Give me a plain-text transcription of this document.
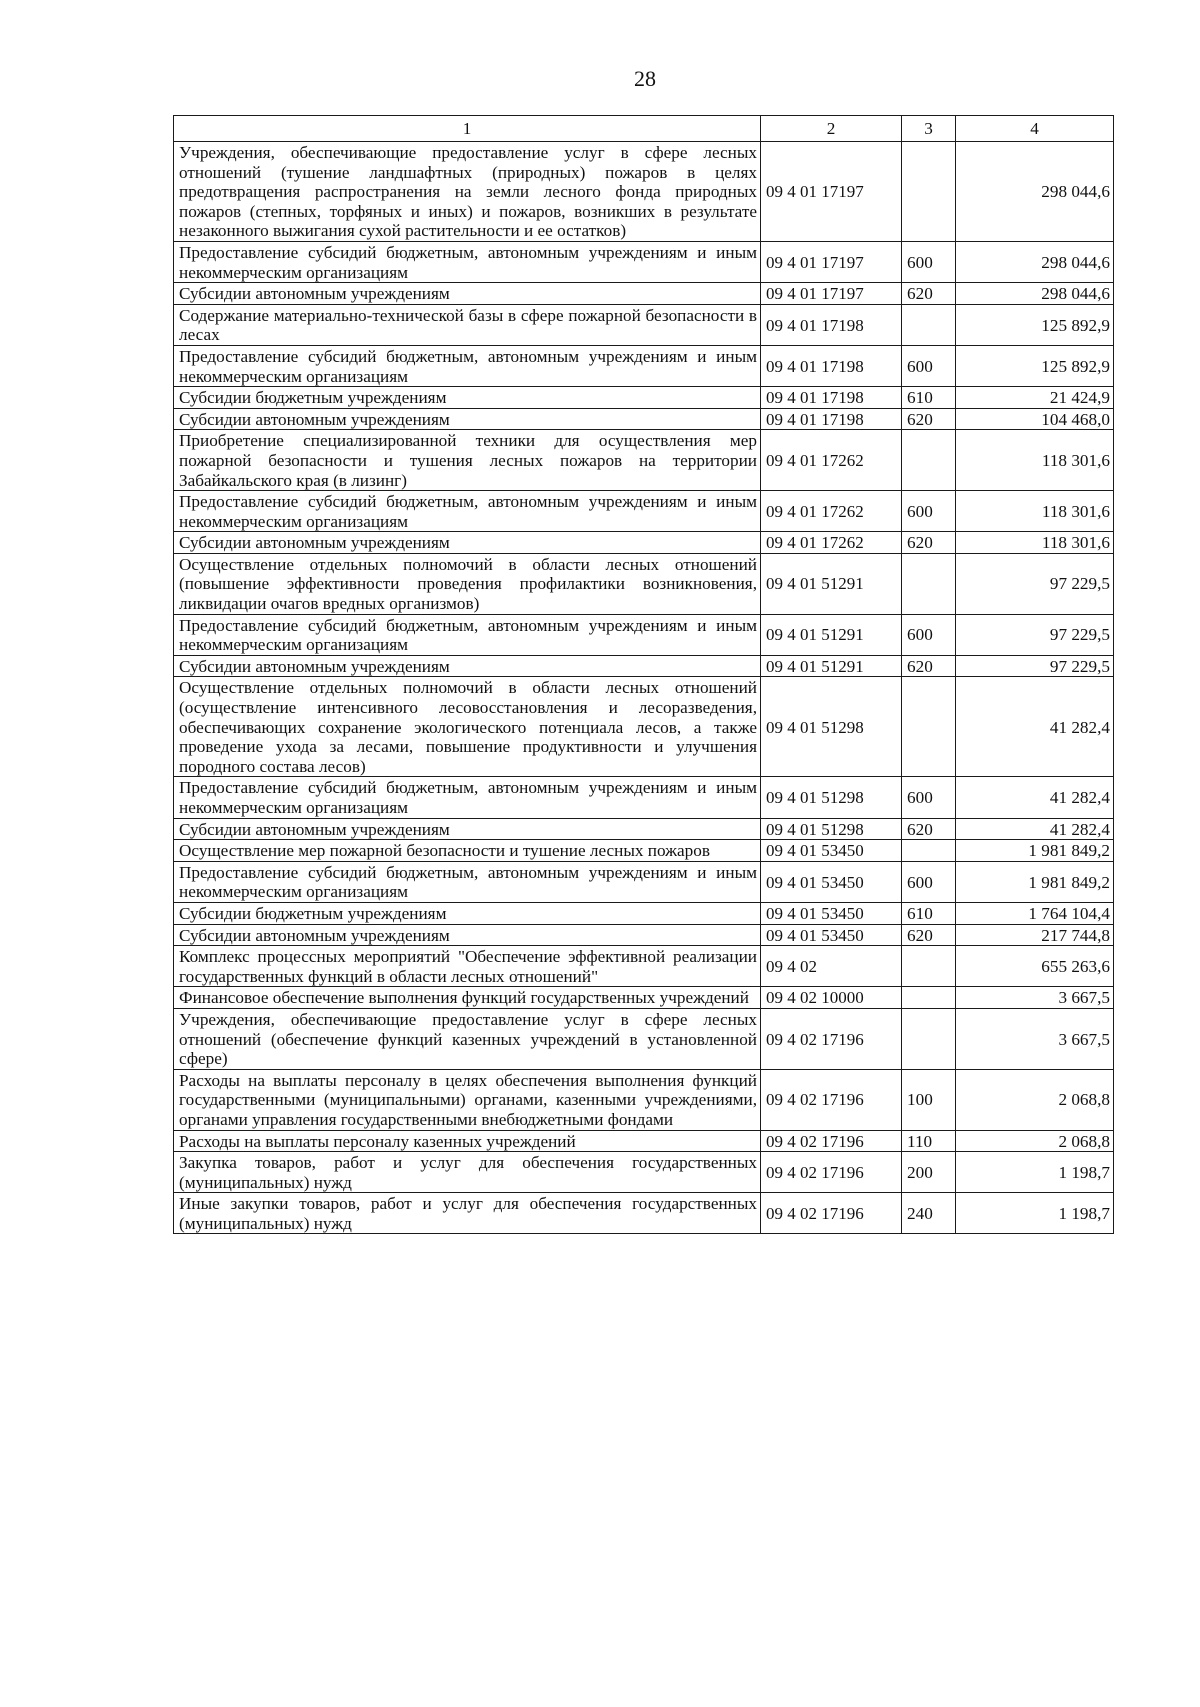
28
1	2	3	4
Учреждения, обеспечивающие предоставление услуг в сфере лесных отношений (тушение ландшафтных (природных) пожаров в целях предотвращения распространения на земли лесного фонда природных пожаров (степных, торфяных и иных) и пожаров, возникших в результате незаконного выжигания сухой растительности и ее остатков)	09 4 01 17197		298 044,6
Предоставление субсидий бюджетным, автономным учреждениям и иным некоммерческим организациям	09 4 01 17197	600	298 044,6
Субсидии автономным учреждениям	09 4 01 17197	620	298 044,6
Содержание материально-технической базы в сфере пожарной безопасности в лесах	09 4 01 17198		125 892,9
Предоставление субсидий бюджетным, автономным учреждениям и иным некоммерческим организациям	09 4 01 17198	600	125 892,9
Субсидии бюджетным учреждениям	09 4 01 17198	610	21 424,9
Субсидии автономным учреждениям	09 4 01 17198	620	104 468,0
Приобретение специализированной техники для осуществления мер пожарной безопасности и тушения лесных пожаров на территории Забайкальского края (в лизинг)	09 4 01 17262		118 301,6
Предоставление субсидий бюджетным, автономным учреждениям и иным некоммерческим организациям	09 4 01 17262	600	118 301,6
Субсидии автономным учреждениям	09 4 01 17262	620	118 301,6
Осуществление отдельных полномочий в области лесных отношений (повышение эффективности проведения профилактики возникновения, ликвидации очагов вредных организмов)	09 4 01 51291		97 229,5
Предоставление субсидий бюджетным, автономным учреждениям и иным некоммерческим организациям	09 4 01 51291	600	97 229,5
Субсидии автономным учреждениям	09 4 01 51291	620	97 229,5
Осуществление отдельных полномочий в области лесных отношений (осуществление интенсивного лесовосстановления и лесоразведения, обеспечивающих сохранение экологического потенциала лесов, а также проведение ухода за лесами, повышение продуктивности и улучшения породного состава лесов)	09 4 01 51298		41 282,4
Предоставление субсидий бюджетным, автономным учреждениям и иным некоммерческим организациям	09 4 01 51298	600	41 282,4
Субсидии автономным учреждениям	09 4 01 51298	620	41 282,4
Осуществление мер пожарной безопасности и тушение лесных пожаров	09 4 01 53450		1 981 849,2
Предоставление субсидий бюджетным, автономным учреждениям и иным некоммерческим организациям	09 4 01 53450	600	1 981 849,2
Субсидии бюджетным учреждениям	09 4 01 53450	610	1 764 104,4
Субсидии автономным учреждениям	09 4 01 53450	620	217 744,8
Комплекс процессных мероприятий "Обеспечение эффективной реализации государственных функций в области лесных отношений"	09 4 02		655 263,6
Финансовое обеспечение выполнения функций государственных учреждений	09 4 02 10000		3 667,5
Учреждения, обеспечивающие предоставление услуг в сфере лесных отношений (обеспечение функций казенных учреждений в установленной сфере)	09 4 02 17196		3 667,5
Расходы на выплаты персоналу в целях обеспечения выполнения функций государственными (муниципальными) органами, казенными учреждениями, органами управления государственными внебюджетными фондами	09 4 02 17196	100	2 068,8
Расходы на выплаты персоналу казенных учреждений	09 4 02 17196	110	2 068,8
Закупка товаров, работ и услуг для обеспечения государственных (муниципальных) нужд	09 4 02 17196	200	1 198,7
Иные закупки товаров, работ и услуг для обеспечения государственных (муниципальных) нужд	09 4 02 17196	240	1 198,7
